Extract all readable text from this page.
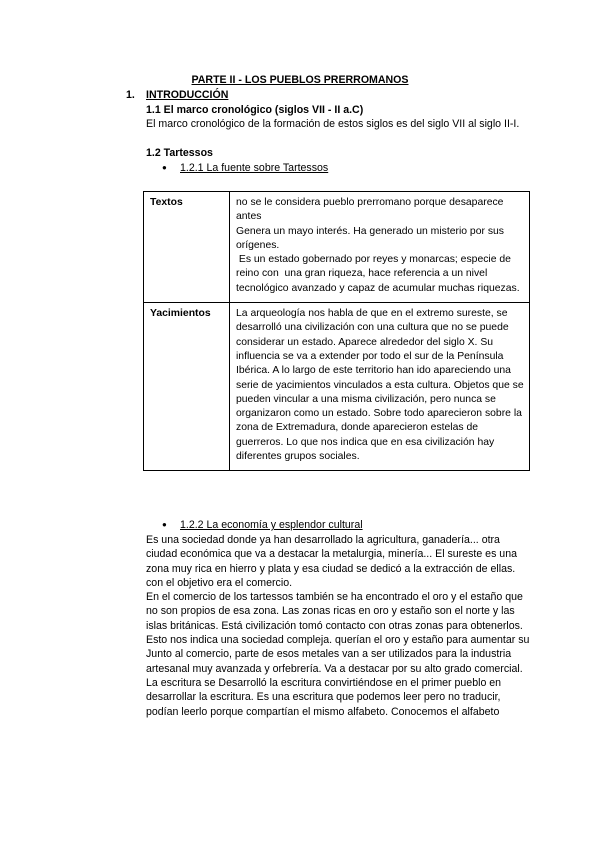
PARTE II - LOS PUEBLOS PRERROMANOS
1. INTRODUCCIÓN
1.1 El marco cronológico (siglos VII - II a.C)
El marco cronológico de la formación de estos siglos es del siglo VII al siglo II-I.
1.2 Tartessos
● 1.2.1 La fuente sobre Tartessos
Textos	no se le considera pueblo prerromano porque desaparece antes
Genera un mayo interés. Ha generado un misterio por sus orígenes.
Es un estado gobernado por reyes y monarcas; especie de reino con  una gran riqueza, hace referencia a un nivel tecnológico avanzado y capaz de acumular muchas riquezas.
Yacimientos	La arqueología nos habla de que en el extremo sureste, se desarrolló una civilización con una cultura que no se puede considerar un estado. Aparece alrededor del siglo X. Su influencia se va a extender por todo el sur de la Península Ibérica. A lo largo de este territorio han ido apareciendo una serie de yacimientos vinculados a esta cultura. Objetos que se pueden vincular a una misma civilización, pero nunca se organizaron como un estado. Sobre todo aparecieron sobre la zona de Extremadura, donde aparecieron estelas de guerreros. Lo que nos indica que en esa civilización hay diferentes grupos sociales.
● 1.2.2 La economía y esplendor cultural

Es una sociedad donde ya han desarrollado la agricultura, ganadería... otra ciudad económica que va a destacar la metalurgia, minería... El sureste es una zona muy rica en hierro y plata y esa ciudad se dedicó a la extracción de ellas. con el objetivo era el comercio.

En el comercio de los tartessos también se ha encontrado el oro y el estaño que no son propios de esa zona. Las zonas ricas en oro y estaño son el norte y las islas británicas. Está civilización tomó contacto con otras zonas para obtenerlos. Esto nos indica una sociedad compleja. querían el oro y estaño para aumentar su

Junto al comercio, parte de esos metales van a ser utilizados para la industria artesanal muy avanzada y orfebrería. Va a destacar por su alto grado comercial.

La escritura se Desarrolló la escritura convirtiéndose en el primer pueblo en desarrollar la escritura. Es una escritura que podemos leer pero no traducir, podían leerlo porque compartían el mismo alfabeto. Conocemos el alfabeto
